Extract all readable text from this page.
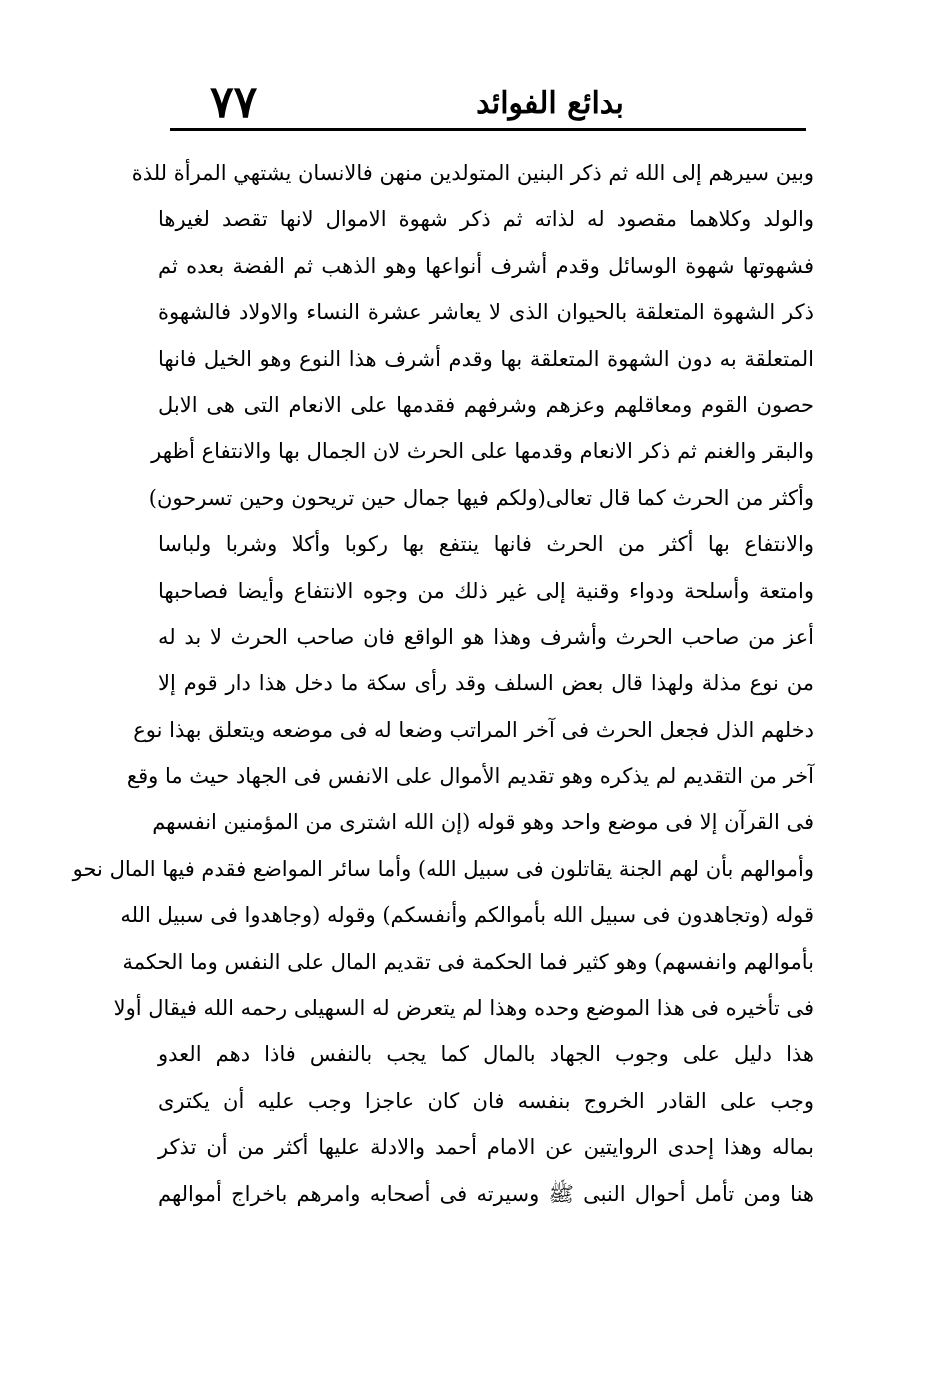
٧٧	بدائع الفوائد
وبين سيرهم إلى الله ثم ذكر البنين المتولدين منهن فالانسان يشتهي المرأة للذة
والولد وكلاهما مقصود له لذاته ثم ذكر شهوة الاموال لانها تقصد لغيرها
فشهوتها شهوة الوسائل وقدم أشرف أنواعها وهو الذهب ثم الفضة بعده ثم
ذكر الشهوة المتعلقة بالحيوان الذى لا يعاشر عشرة النساء والاولاد فالشهوة
المتعلقة به دون الشهوة المتعلقة بها وقدم أشرف هذا النوع وهو الخيل فانها
حصون القوم ومعاقلهم وعزهم وشرفهم فقدمها على الانعام التى هى الابل
والبقر والغنم ثم ذكر الانعام وقدمها على الحرث لان الجمال بها والانتفاع أظهر
وأكثر من الحرث كما قال تعالى(ولكم فيها جمال حين تريحون وحين تسرحون)
والانتفاع بها أكثر من الحرث فانها ينتفع بها ركوبا وأكلا وشربا ولباسا
وامتعة وأسلحة ودواء وقنية إلى غير ذلك من وجوه الانتفاع وأيضا فصاحبها
أعز من صاحب الحرث وأشرف وهذا هو الواقع فان صاحب الحرث لا بد له
من نوع مذلة ولهذا قال بعض السلف وقد رأى سكة ما دخل هذا دار قوم إلا
دخلهم الذل فجعل الحرث فى آخر المراتب وضعا له فى موضعه ويتعلق بهذا نوع
آخر من التقديم لم يذكره وهو تقديم الأموال على الانفس فى الجهاد حيث ما وقع
فى القرآن إلا فى موضع واحد وهو قوله (إن الله اشترى من المؤمنين انفسهم
وأموالهم بأن لهم الجنة يقاتلون فى سبيل الله) وأما سائر المواضع فقدم فيها المال نحو
قوله (وتجاهدون فى سبيل الله بأموالكم وأنفسكم) وقوله (وجاهدوا فى سبيل الله
بأموالهم وانفسهم) وهو كثير فما الحكمة فى تقديم المال على النفس وما الحكمة
فى تأخيره فى هذا الموضع وحده وهذا لم يتعرض له السهيلى رحمه الله فيقال أولا
هذا دليل على وجوب الجهاد بالمال كما يجب بالنفس فاذا دهم العدو
وجب على القادر الخروج بنفسه فان كان عاجزا وجب عليه أن يكترى
بماله وهذا إحدى الروايتين عن الامام أحمد والادلة عليها أكثر من أن تذكر
هنا ومن تأمل أحوال النبى ﷺ وسيرته فى أصحابه وامرهم باخراج أموالهم
